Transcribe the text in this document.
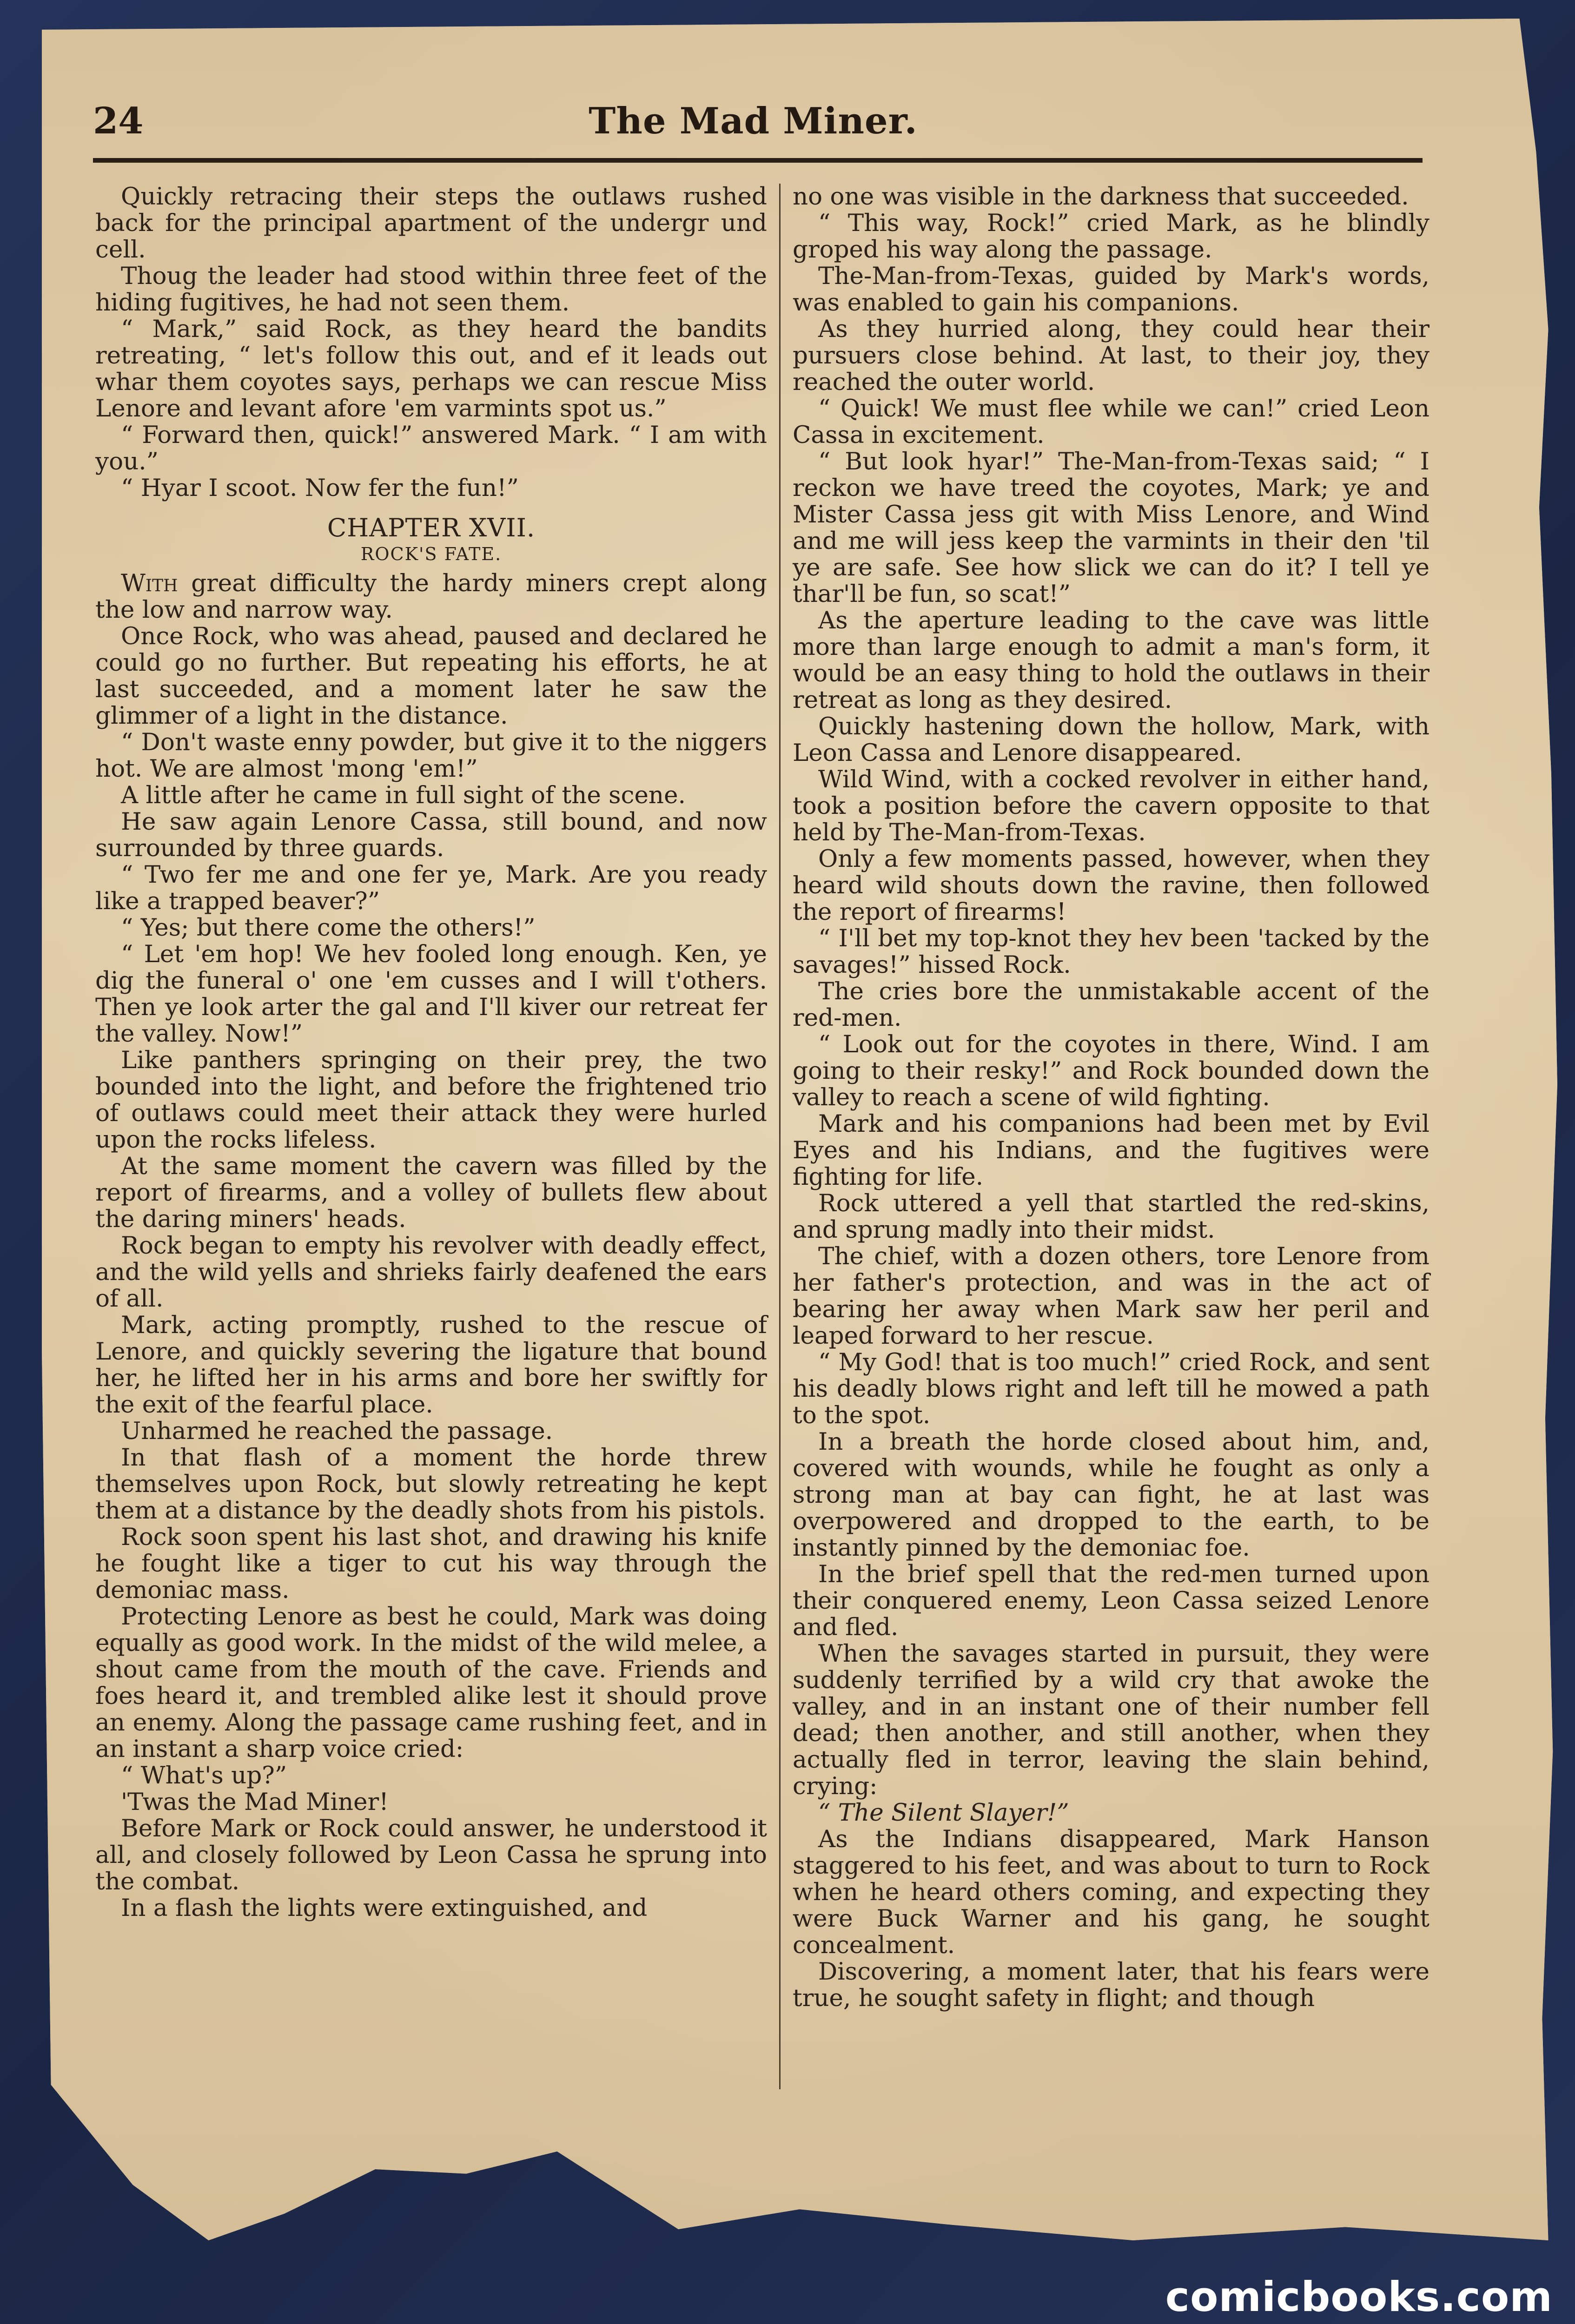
24	The Mad Miner.

Quickly retracing their steps the outlaws rushed back for the principal apartment of the undergr und cell.

Thoug the leader had stood within three feet of the hiding fugitives, he had not seen them.

“ Mark,” said Rock, as they heard the bandits retreating, “ let's follow this out, and ef it leads out whar them coyotes says, perhaps we can rescue Miss Lenore and levant afore 'em varmints spot us.”

“ Forward then, quick!” answered Mark. “ I am with you.”

“ Hyar I scoot. Now fer the fun!”

CHAPTER XVII.
ROCK'S FATE.

With great difficulty the hardy miners crept along the low and narrow way.

Once Rock, who was ahead, paused and declared he could go no further. But repeating his efforts, he at last succeeded, and a moment later he saw the glimmer of a light in the distance.

“ Don't waste enny powder, but give it to the niggers hot. We are almost 'mong 'em!”

A little after he came in full sight of the scene.

He saw again Lenore Cassa, still bound, and now surrounded by three guards.

“ Two fer me and one fer ye, Mark. Are you ready like a trapped beaver?”

“ Yes; but there come the others!”

“ Let 'em hop! We hev fooled long enough. Ken, ye dig the funeral o' one 'em cusses and I will t'others. Then ye look arter the gal and I'll kiver our retreat fer the valley. Now!”

Like panthers springing on their prey, the two bounded into the light, and before the frightened trio of outlaws could meet their attack they were hurled upon the rocks lifeless.

At the same moment the cavern was filled by the report of firearms, and a volley of bullets flew about the daring miners' heads.

Rock began to empty his revolver with deadly effect, and the wild yells and shrieks fairly deafened the ears of all.

Mark, acting promptly, rushed to the rescue of Lenore, and quickly severing the ligature that bound her, he lifted her in his arms and bore her swiftly for the exit of the fearful place.

Unharmed he reached the passage.

In that flash of a moment the horde threw themselves upon Rock, but slowly retreating he kept them at a distance by the deadly shots from his pistols.

Rock soon spent his last shot, and drawing his knife he fought like a tiger to cut his way through the demoniac mass.

Protecting Lenore as best he could, Mark was doing equally as good work. In the midst of the wild melee, a shout came from the mouth of the cave. Friends and foes heard it, and trembled alike lest it should prove an enemy. Along the passage came rushing feet, and in an instant a sharp voice cried:

“ What's up?”

'Twas the Mad Miner!

Before Mark or Rock could answer, he understood it all, and closely followed by Leon Cassa he sprung into the combat.

In a flash the lights were extinguished, and

no one was visible in the darkness that succeeded.

“ This way, Rock!” cried Mark, as he blindly groped his way along the passage.

The-Man-from-Texas, guided by Mark's words, was enabled to gain his companions.

As they hurried along, they could hear their pursuers close behind. At last, to their joy, they reached the outer world.

“ Quick! We must flee while we can!” cried Leon Cassa in excitement.

“ But look hyar!” The-Man-from-Texas said; “ I reckon we have treed the coyotes, Mark; ye and Mister Cassa jess git with Miss Lenore, and Wind and me will jess keep the varmints in their den 'til ye are safe. See how slick we can do it? I tell ye thar'll be fun, so scat!”

As the aperture leading to the cave was little more than large enough to admit a man's form, it would be an easy thing to hold the outlaws in their retreat as long as they desired.

Quickly hastening down the hollow, Mark, with Leon Cassa and Lenore disappeared.

Wild Wind, with a cocked revolver in either hand, took a position before the cavern opposite to that held by The-Man-from-Texas.

Only a few moments passed, however, when they heard wild shouts down the ravine, then followed the report of firearms!

“ I'll bet my top-knot they hev been 'tacked by the savages!” hissed Rock.

The cries bore the unmistakable accent of the red-men.

“ Look out for the coyotes in there, Wind. I am going to their resky!” and Rock bounded down the valley to reach a scene of wild fighting.

Mark and his companions had been met by Evil Eyes and his Indians, and the fugitives were fighting for life.

Rock uttered a yell that startled the red-skins, and sprung madly into their midst.

The chief, with a dozen others, tore Lenore from her father's protection, and was in the act of bearing her away when Mark saw her peril and leaped forward to her rescue.

“ My God! that is too much!” cried Rock, and sent his deadly blows right and left till he mowed a path to the spot.

In a breath the horde closed about him, and, covered with wounds, while he fought as only a strong man at bay can fight, he at last was overpowered and dropped to the earth, to be instantly pinned by the demoniac foe.

In the brief spell that the red-men turned upon their conquered enemy, Leon Cassa seized Lenore and fled.

When the savages started in pursuit, they were suddenly terrified by a wild cry that awoke the valley, and in an instant one of their number fell dead; then another, and still another, when they actually fled in terror, leaving the slain behind, crying:

“ The Silent Slayer!”

As the Indians disappeared, Mark Hanson staggered to his feet, and was about to turn to Rock when he heard others coming, and expecting they were Buck Warner and his gang, he sought concealment.

Discovering, a moment later, that his fears were true, he sought safety in flight; and though

comicbooks.com
